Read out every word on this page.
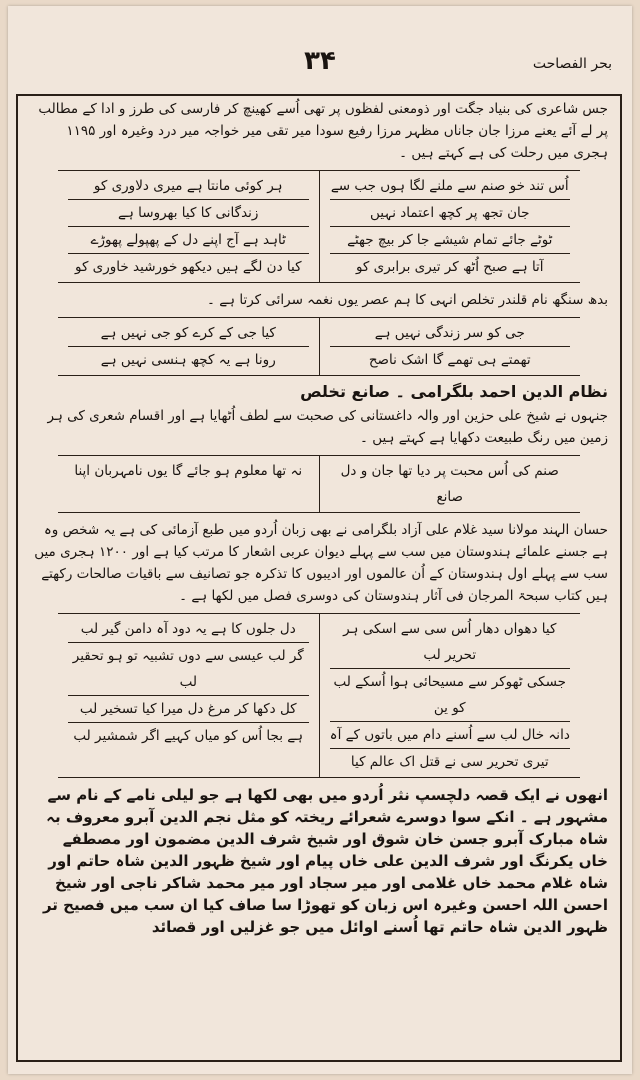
۳۴	بحر الفصاحت
جس شاعری کی بنیاد جگت اور ذومعنی لفظوں پر تھی اُسے کھینچ کر فارسی کی طرز و ادا کے مطالب پر لے آئے یعنے مرزا جان جاناں مظہر مرزا رفیع سودا میر تقی میر خواجہ میر درد وغیرہ اور ۱۱۹۵ ہجری میں رحلت کی ہے کہتے ہیں ۔
اُس تند خو صنم سے ملنے لگا ہوں جب سے
جان تجھ پر کچھ اعتماد نہیں
ٹوٹے جائے تمام شیشے جا کر بیچ جھٹے
آتا ہے صبح اُٹھ کر تیری برابری کو
ہر کوئی مانتا ہے میری دلاوری کو
زندگانی کا کیا بھروسا ہے
ٹاہد ہے آج اپنے دل کے پھپولے پھوڑے
کیا دن لگے ہیں دیکھو خورشید خاوری کو
بدھ سنگھ نام قلندر تخلص انہی کا ہم عصر یوں نغمہ سرائی کرتا ہے ۔
جی کو سر زندگی نہیں ہے
تھمتے ہی تھمے گا اشک ناصح
کیا جی کے کرے کو جی نہیں ہے
رونا ہے یہ کچھ ہنسی نہیں ہے
نظام الدین احمد بلگرامی ۔ صانع تخلص
جنہوں نے شیخ علی حزین اور والہ داغستانی کی صحبت سے لطف اُٹھایا ہے اور اقسام شعری کی ہر زمین میں رنگ طبیعت دکھایا ہے کہتے ہیں ۔
صنم کی اُس محبت پر دیا تھا جان و دل صانع
نہ تھا معلوم ہو جائے گا یوں نامہربان اپنا
حسان الہند مولانا سید غلام علی آزاد بلگرامی نے بھی زبان اُردو میں طبع آزمائی کی ہے یہ شخص وہ ہے جسنے علمائے ہندوستان میں سب سے پہلے دیوان عربی اشعار کا مرتب کیا ہے اور ۱۲۰۰ ہجری میں سب سے پہلے اول ہندوستان کے اُن عالموں اور ادیبوں کا تذکرہ جو تصانیف سے باقیات صالحات رکھتے ہیں کتاب سبحۃ المرجان فی آثار ہندوستان کی دوسری فصل میں لکھا ہے ۔
کیا دھواں دھار اُس سی سے اسکی ہر تحریر لب
جسکی ٹھوکر سے مسیحائی ہوا اُسکے لب کو ین
دانہ خال لب سے اُسنے دام میں باتوں کے آہ
تیری تحریر سی نے قتل اک عالم کیا
دل جلوں کا ہے یہ دود آہ دامن گیر لب
گر لب عیسی سے دوں تشبیہ تو ہو تحقیر لب
کل دکھا کر مرغ دل میرا کیا تسخیر لب
ہے بجا اُس کو میاں کہیے اگر شمشیر لب
انھوں نے ایک قصہ دلچسپ نثر اُردو میں بھی لکھا ہے جو لیلی نامے کے نام سے مشہور ہے ۔ انکے سوا دوسرے شعرائے ریختہ کو مثل نجم الدین آبرو معروف بہ شاہ مبارک آبرو جسن خان شوق اور شیخ شرف الدین مضمون اور مصطفے خاں یکرنگ اور شرف الدین علی خاں پیام اور شیخ ظہور الدین شاہ حاتم اور شاہ غلام محمد خاں غلامی اور میر سجاد اور میر محمد شاکر ناجی اور شیخ احسن اللہ احسن وغیرہ اس زبان کو تھوڑا سا صاف کیا ان سب میں فصیح تر ظہور الدین شاہ حاتم تھا اُسنے اوائل میں جو غزلیں اور قصائد
